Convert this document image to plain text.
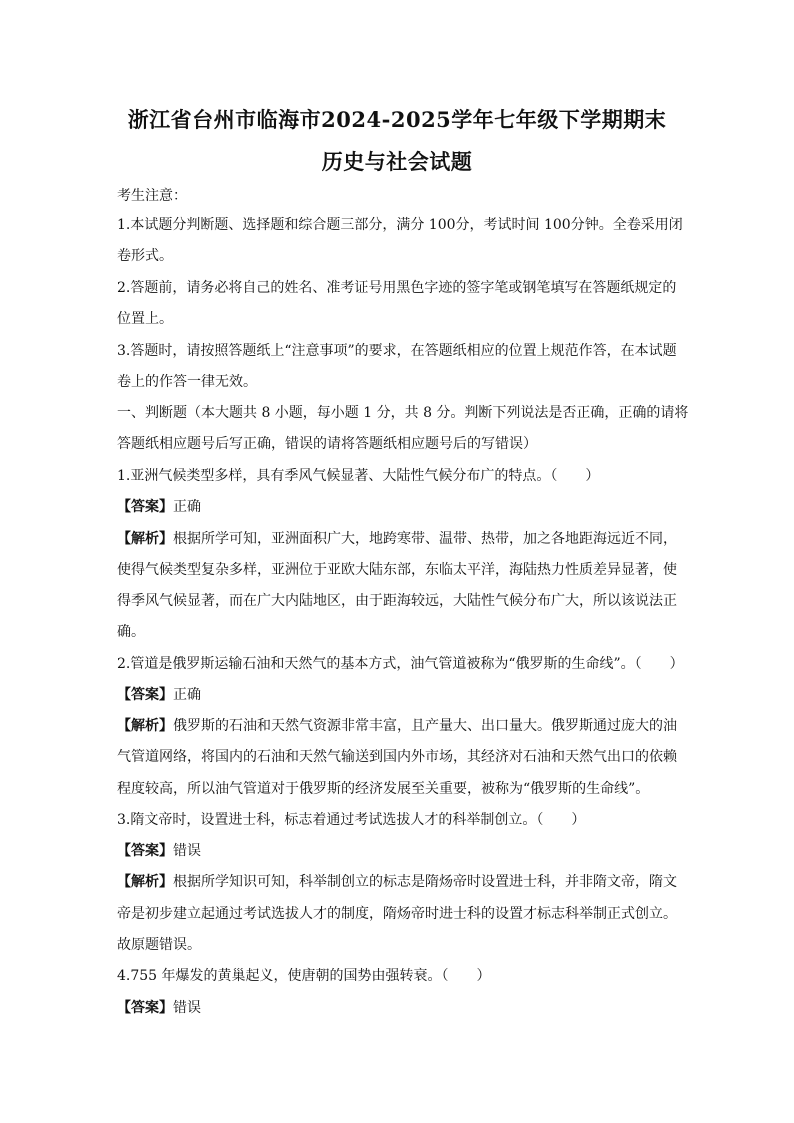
浙江省台州市临海市2024-2025学年七年级下学期期末
历史与社会试题
考生注意：
1.本试题分判断题、选择题和综合题三部分，满分 100分，考试时间 100分钟。全卷采用闭
卷形式。
2.答题前，请务必将自己的姓名、准考证号用黑色字迹的签字笔或钢笔填写在答题纸规定的
位置上。
3.答题时，请按照答题纸上“注意事项”的要求，在答题纸相应的位置上规范作答，在本试题
卷上的作答一律无效。
一、判断题（本大题共 8 小题，每小题 1 分，共 8 分。判断下列说法是否正确，正确的请将
答题纸相应题号后写正确，错误的请将答题纸相应题号后的写错误）
1.亚洲气候类型多样，具有季风气候显著、大陆性气候分布广的特点。（　　）
【答案】正确
【解析】根据所学可知，亚洲面积广大，地跨寒带、温带、热带，加之各地距海远近不同，
使得气候类型复杂多样，亚洲位于亚欧大陆东部，东临太平洋，海陆热力性质差异显著，使
得季风气候显著，而在广大内陆地区，由于距海较远，大陆性气候分布广大，所以该说法正
确。
2.管道是俄罗斯运输石油和天然气的基本方式，油气管道被称为“俄罗斯的生命线”。（　　）
【答案】正确
【解析】俄罗斯的石油和天然气资源非常丰富，且产量大、出口量大。俄罗斯通过庞大的油
气管道网络，将国内的石油和天然气输送到国内外市场，其经济对石油和天然气出口的依赖
程度较高，所以油气管道对于俄罗斯的经济发展至关重要，被称为“俄罗斯的生命线”。
3.隋文帝时，设置进士科，标志着通过考试选拔人才的科举制创立。（　　）
【答案】错误
【解析】根据所学知识可知，科举制创立的标志是隋炀帝时设置进士科，并非隋文帝，隋文
帝是初步建立起通过考试选拔人才的制度，隋炀帝时进士科的设置才标志科举制正式创立。
故原题错误。
4.755 年爆发的黄巢起义，使唐朝的国势由强转衰。（　　）
【答案】错误
